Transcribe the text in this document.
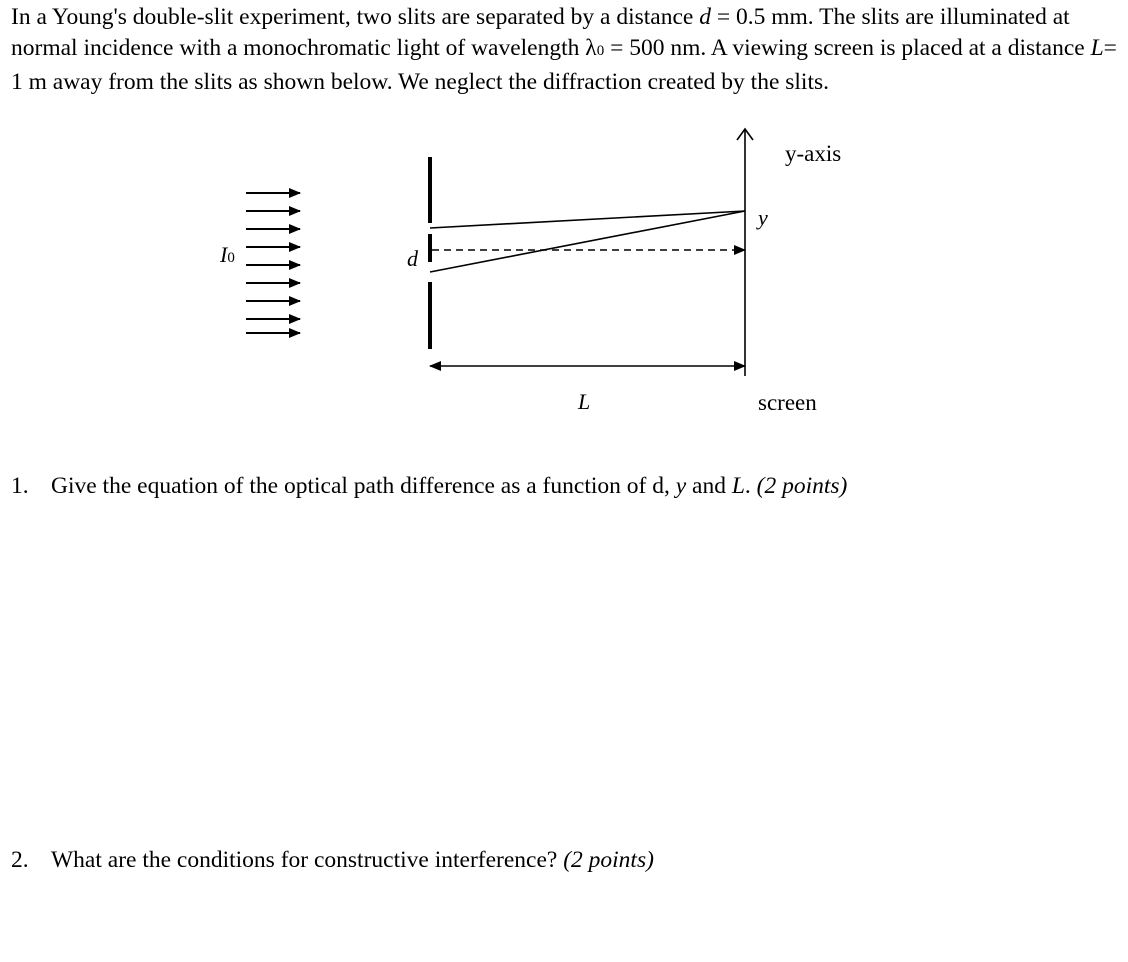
In a Young's double-slit experiment, two slits are separated by a distance d = 0.5 mm. The slits are illuminated at normal incidence with a monochromatic light of wavelength λ0 = 500 nm. A viewing screen is placed at a distance L= 1 m away from the slits as shown below. We neglect the diffraction created by the slits.

I0	d
y-axis
y
L	screen

1. Give the equation of the optical path difference as a function of d, y and L. (2 points)

2. What are the conditions for constructive interference? (2 points)
